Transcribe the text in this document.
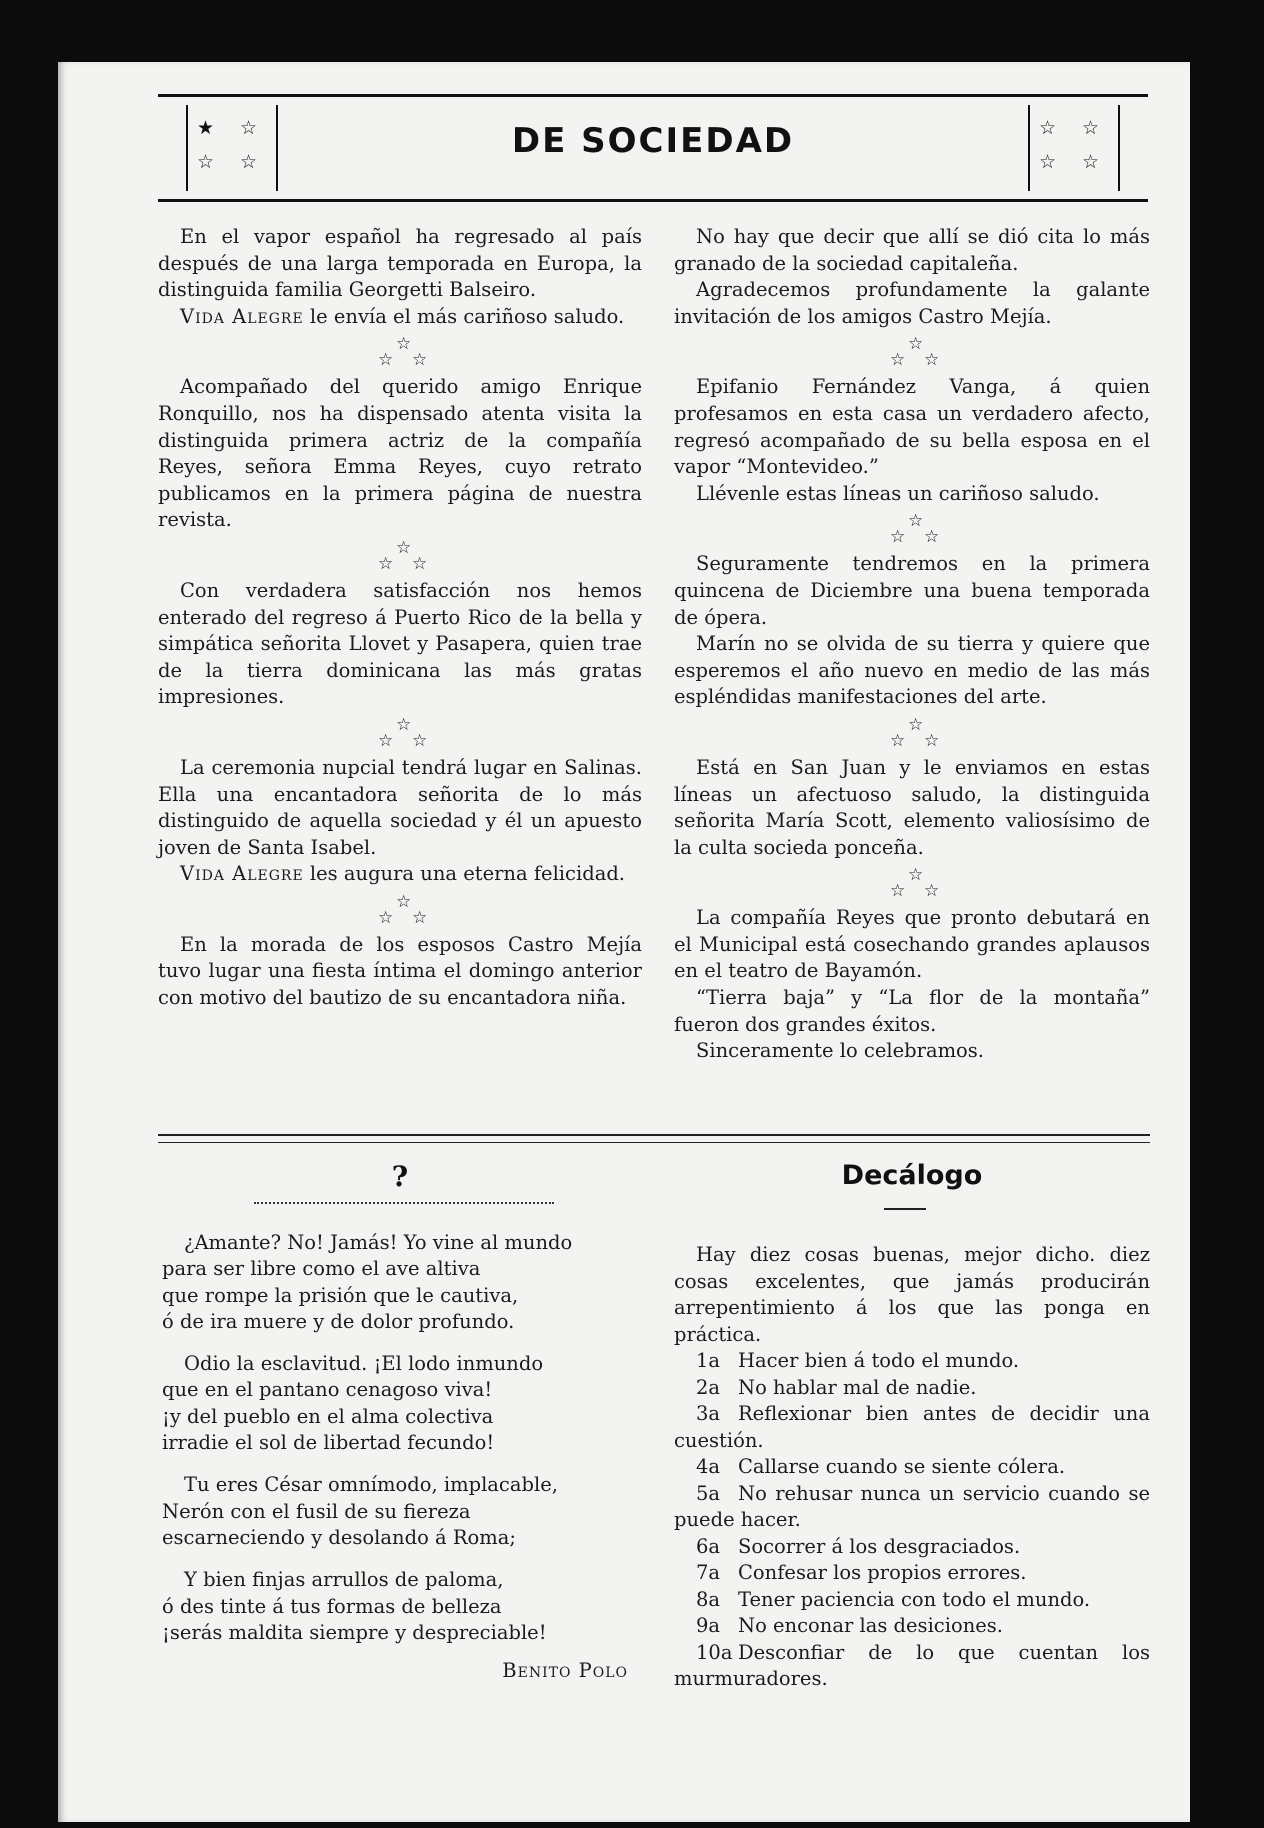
★ ☆
☆ ☆
DE SOCIEDAD	☆ ☆
☆ ☆

En el vapor español ha regresado al país después de una larga temporada en Europa, la distinguida familia Georgetti Balseiro.

Vida Alegre le envía el más cariñoso saludo.

☆
☆ ☆

Acompañado del querido amigo Enrique Ronquillo, nos ha dispensado atenta visita la distinguida primera actriz de la compañía Reyes, señora Emma Reyes, cuyo retrato publicamos en la primera página de nuestra revista.

☆
☆ ☆

Con verdadera satisfacción nos hemos enterado del regreso á Puerto Rico de la bella y simpática señorita Llovet y Pasapera, quien trae de la tierra dominicana las más gratas impresiones.

☆
☆ ☆

La ceremonia nupcial tendrá lugar en Salinas. Ella una encantadora señorita de lo más distinguido de aquella sociedad y él un apuesto joven de Santa Isabel.

Vida Alegre les augura una eterna felicidad.

☆
☆ ☆

En la morada de los esposos Castro Mejía tuvo lugar una fiesta íntima el domingo anterior con motivo del bautizo de su encantadora niña.

No hay que decir que allí se dió cita lo más granado de la sociedad capitaleña.

Agradecemos profundamente la galante invitación de los amigos Castro Mejía.

☆
☆ ☆

Epifanio Fernández Vanga, á quien profesamos en esta casa un verdadero afecto, regresó acompañado de su bella esposa en el vapor “Montevideo.”

Llévenle estas líneas un cariñoso saludo.

☆
☆ ☆

Seguramente tendremos en la primera quincena de Diciembre una buena temporada de ópera.

Marín no se olvida de su tierra y quiere que esperemos el año nuevo en medio de las más espléndidas manifestaciones del arte.

☆
☆ ☆

Está en San Juan y le enviamos en estas líneas un afectuoso saludo, la distinguida señorita María Scott, elemento valiosísimo de la culta socieda ponceña.

☆
☆ ☆

La compañía Reyes que pronto debutará en el Municipal está cosechando grandes aplausos en el teatro de Bayamón.

“Tierra baja” y “La flor de la montaña” fueron dos grandes éxitos.

Sinceramente lo celebramos.

?
¿Amante? No! Jamás! Yo vine al mundo
para ser libre como el ave altiva
que rompe la prisión que le cautiva,
ó de ira muere y de dolor profundo.
Odio la esclavitud. ¡El lodo inmundo
que en el pantano cenagoso viva!
¡y del pueblo en el alma colectiva
irradie el sol de libertad fecundo!
Tu eres César omnímodo, implacable,
Nerón con el fusil de su fiereza
escarneciendo y desolando á Roma;
Y bien finjas arrullos de paloma,
ó des tinte á tus formas de belleza
¡serás maldita siempre y despreciable!
Benito Polo
Decálogo

Hay diez cosas buenas, mejor dicho. diez cosas excelentes, que jamás producirán arrepentimiento á los que las ponga en práctica.

1a Hacer bien á todo el mundo.

2a No hablar mal de nadie.

3a Reflexionar bien antes de decidir una cuestión.

4a Callarse cuando se siente cólera.

5a No rehusar nunca un servicio cuando se puede hacer.

6a Socorrer á los desgraciados.

7a Confesar los propios errores.

8a Tener paciencia con todo el mundo.

9a No enconar las desiciones.

10a Desconfiar de lo que cuentan los murmuradores.
